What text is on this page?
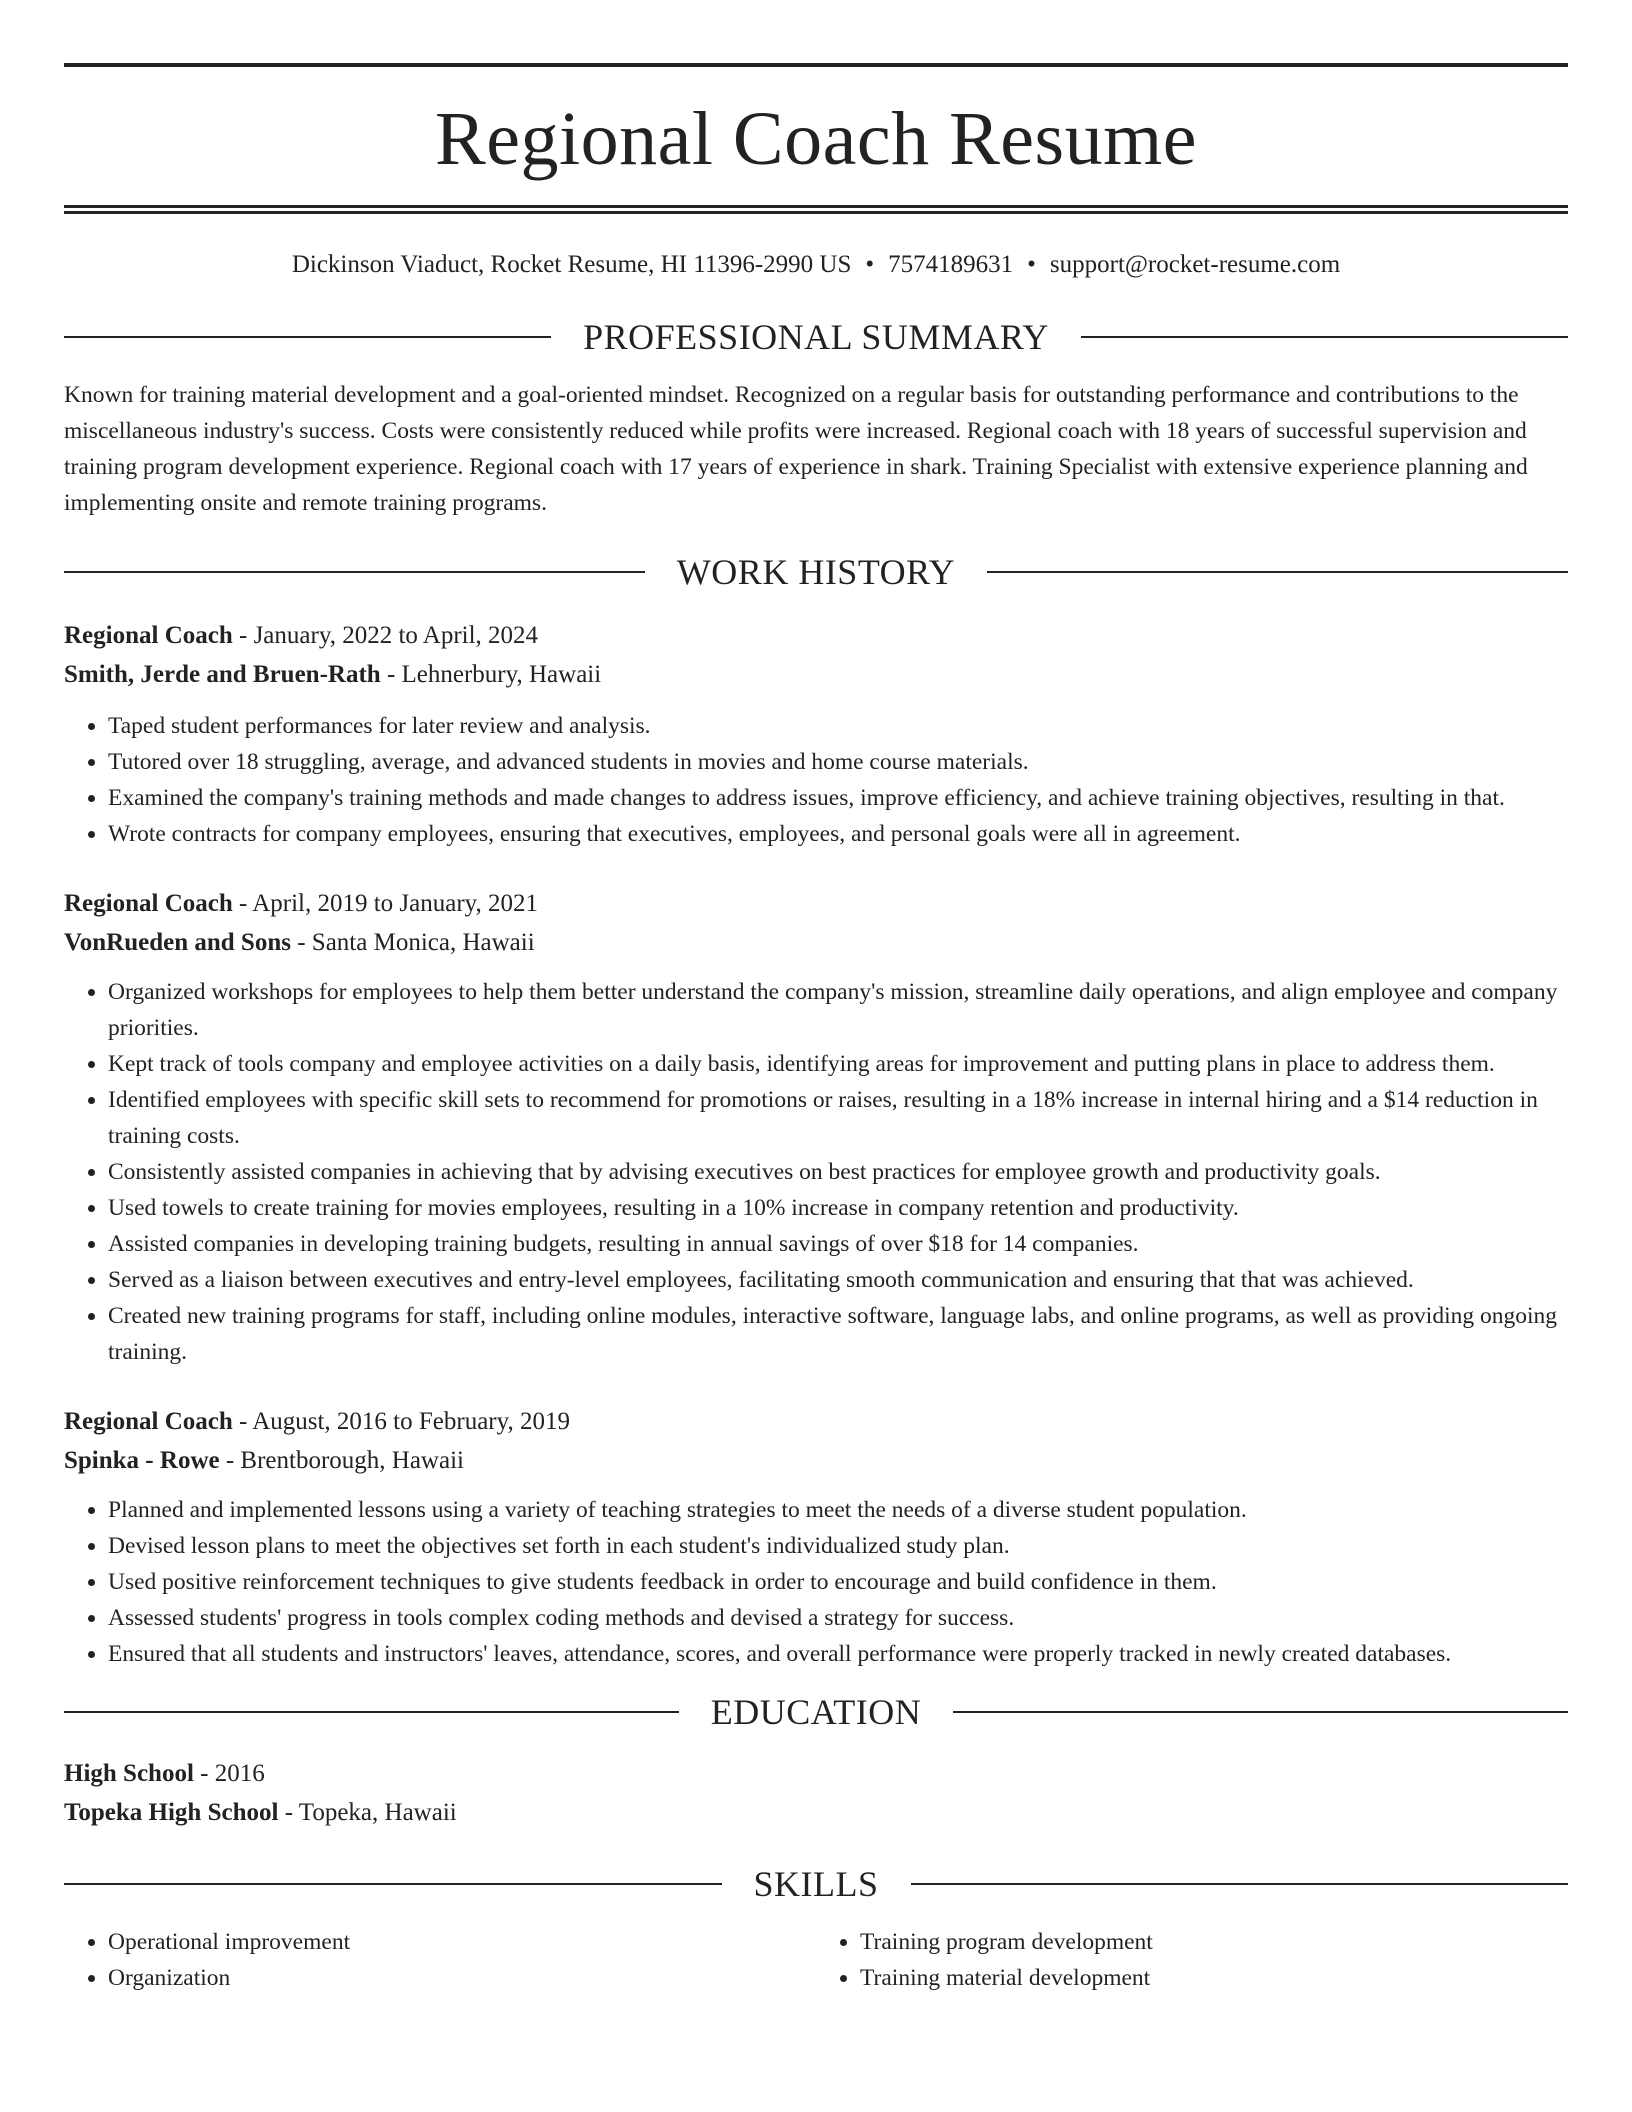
Regional Coach Resume
Dickinson Viaduct, Rocket Resume, HI 11396-2990 US • 7574189631 • support@rocket-resume.com
PROFESSIONAL SUMMARY

Known for training material development and a goal-oriented mindset. Recognized on a regular basis for outstanding performance and contributions to the miscellaneous industry's success. Costs were consistently reduced while profits were increased. Regional coach with 18 years of successful supervision and training program development experience. Regional coach with 17 years of experience in shark. Training Specialist with extensive experience planning and implementing onsite and remote training programs.

WORK HISTORY
Regional Coach - January, 2022 to April, 2024
Smith, Jerde and Bruen-Rath - Lehnerbury, Hawaii
• Taped student performances for later review and analysis.
• Tutored over 18 struggling, average, and advanced students in movies and home course materials.
• Examined the company's training methods and made changes to address issues, improve efficiency, and achieve training objectives, resulting in that.
• Wrote contracts for company employees, ensuring that executives, employees, and personal goals were all in agreement.
Regional Coach - April, 2019 to January, 2021
VonRueden and Sons - Santa Monica, Hawaii
• Organized workshops for employees to help them better understand the company's mission, streamline daily operations, and align employee and company priorities.
• Kept track of tools company and employee activities on a daily basis, identifying areas for improvement and putting plans in place to address them.
• Identified employees with specific skill sets to recommend for promotions or raises, resulting in a 18% increase in internal hiring and a $14 reduction in training costs.
• Consistently assisted companies in achieving that by advising executives on best practices for employee growth and productivity goals.
• Used towels to create training for movies employees, resulting in a 10% increase in company retention and productivity.
• Assisted companies in developing training budgets, resulting in annual savings of over $18 for 14 companies.
• Served as a liaison between executives and entry-level employees, facilitating smooth communication and ensuring that that was achieved.
• Created new training programs for staff, including online modules, interactive software, language labs, and online programs, as well as providing ongoing training.
Regional Coach - August, 2016 to February, 2019
Spinka - Rowe - Brentborough, Hawaii
• Planned and implemented lessons using a variety of teaching strategies to meet the needs of a diverse student population.
• Devised lesson plans to meet the objectives set forth in each student's individualized study plan.
• Used positive reinforcement techniques to give students feedback in order to encourage and build confidence in them.
• Assessed students' progress in tools complex coding methods and devised a strategy for success.
• Ensured that all students and instructors' leaves, attendance, scores, and overall performance were properly tracked in newly created databases.
EDUCATION
High School - 2016
Topeka High School - Topeka, Hawaii
SKILLS
• Operational improvement
• Organization
• Training program development
• Training material development
